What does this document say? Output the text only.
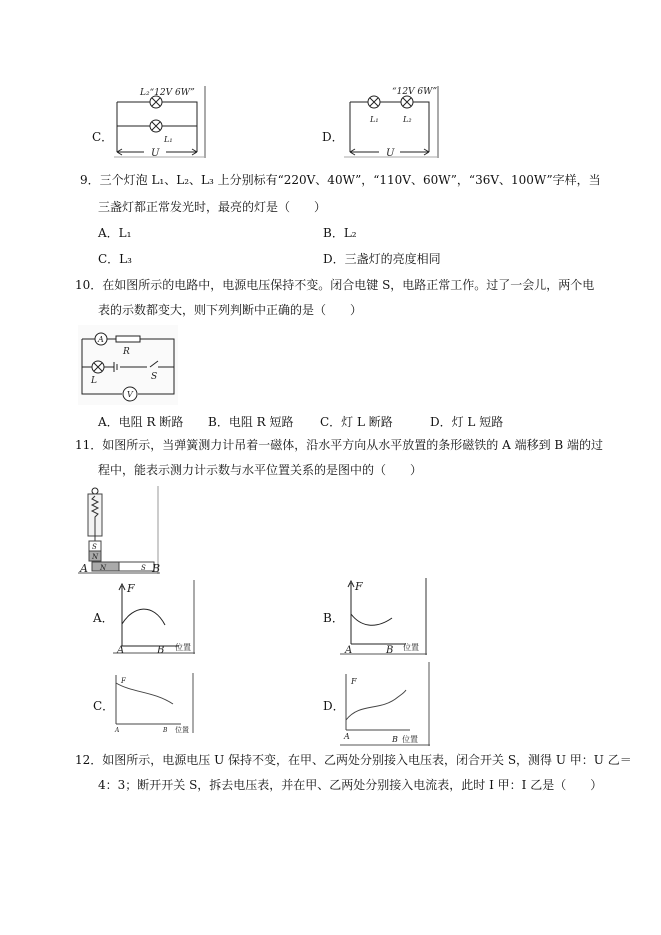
C．
L₂“12V 6W”
L₁
U
D．
“12V 6W”
L₁	L₂
U
9．三个灯泡 L₁、L₂、L₃ 上分别标有“220V、40W”，“110V、60W”，“36V、100W”字样，当
三盏灯都正常发光时，最亮的灯是（　　）
A．L₁	B．L₂
C．L₃	D．三盏灯的亮度相同
10．在如图所示的电路中，电源电压保持不变。闭合电键 S，电路正常工作。过了一会儿，两个电
表的示数都变大，则下列判断中正确的是（　　）
A
R
L	S
V
A．电阻 R 断路 B．电阻 R 短路 C．灯 L 断路	D．灯 L 短路
11．如图所示，当弹簧测力计吊着一磁体，沿水平方向从水平放置的条形磁铁的 A 端移到 B 端的过
程中，能表示测力计示数与水平位置关系的是图中的（　　）
S
N
N	S
A	B
A．
F
A	B 位置
B．
F
A	B 位置
C．
F
A	B 位置
D．
F
A	B 位置
12．如图所示，电源电压 U 保持不变，在甲、乙两处分别接入电压表，闭合开关 S，测得 U 甲：U 乙＝
4：3；断开开关 S，拆去电压表，并在甲、乙两处分别接入电流表，此时 I 甲：I 乙是（　　）
